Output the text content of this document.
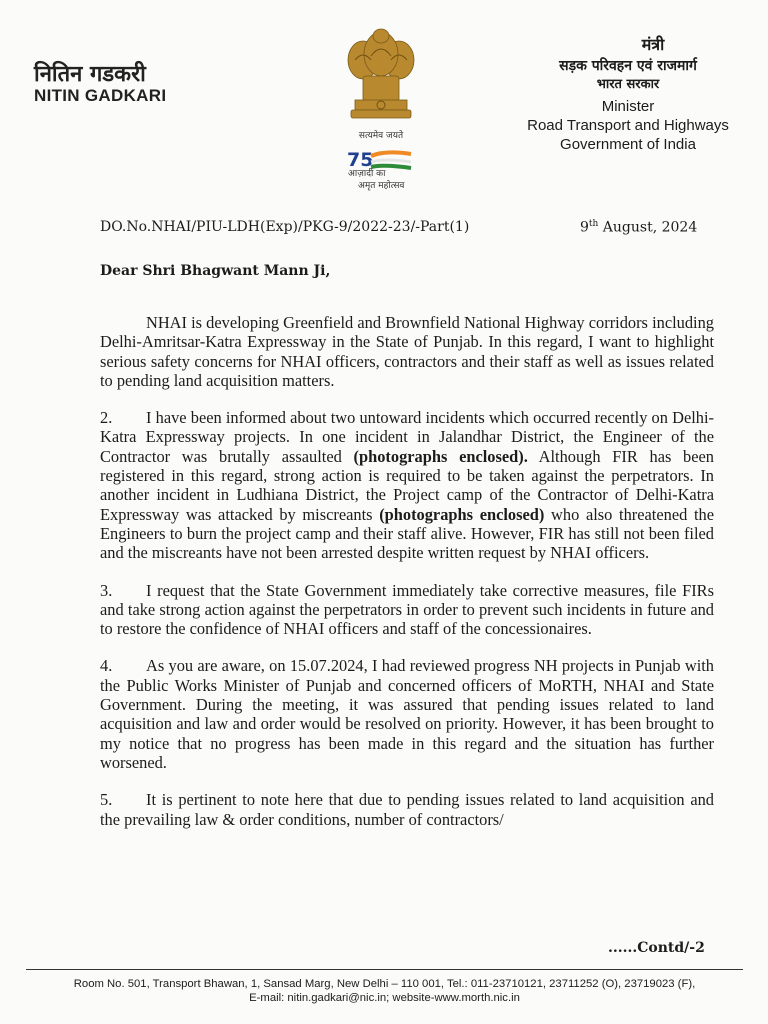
नितिन गडकरी
NITIN GADKARI
सत्यमेव जयते
75
आज़ादी का
अमृत महोत्सव
मंत्री
सड़क परिवहन एवं राजमार्ग
भारत सरकार
Minister
Road Transport and Highways
Government of India
DO.No.NHAI/PIU-LDH(Exp)/PKG-9/2022-23/-Part(1)	9th August, 2024
Dear Shri Bhagwant Mann Ji,

NHAI is developing Greenfield and Brownfield National Highway corridors including Delhi-Amritsar-Katra Expressway in the State of Punjab. In this regard, I want to highlight serious safety concerns for NHAI officers, contractors and their staff as well as issues related to pending land acquisition matters.

2. I have been informed about two untoward incidents which occurred recently on Delhi-Katra Expressway projects. In one incident in Jalandhar District, the Engineer of the Contractor was brutally assaulted (photographs enclosed). Although FIR has been registered in this regard, strong action is required to be taken against the perpetrators. In another incident in Ludhiana District, the Project camp of the Contractor of Delhi-Katra Expressway was attacked by miscreants (photographs enclosed) who also threatened the Engineers to burn the project camp and their staff alive. However, FIR has still not been filed and the miscreants have not been arrested despite written request by NHAI officers.

3. I request that the State Government immediately take corrective measures, file FIRs and take strong action against the perpetrators in order to prevent such incidents in future and to restore the confidence of NHAI officers and staff of the concessionaires.

4. As you are aware, on 15.07.2024, I had reviewed progress NH projects in Punjab with the Public Works Minister of Punjab and concerned officers of MoRTH, NHAI and State Government. During the meeting, it was assured that pending issues related to land acquisition and law and order would be resolved on priority. However, it has been brought to my notice that no progress has been made in this regard and the situation has further worsened.

5. It is pertinent to note here that due to pending issues related to land acquisition and the prevailing law & order conditions, number of contractors/

......Contd/-2
Room No. 501, Transport Bhawan, 1, Sansad Marg, New Delhi – 110 001, Tel.: 011-23710121, 23711252 (O), 23719023 (F),
E-mail: nitin.gadkari@nic.in; website-www.morth.nic.in
